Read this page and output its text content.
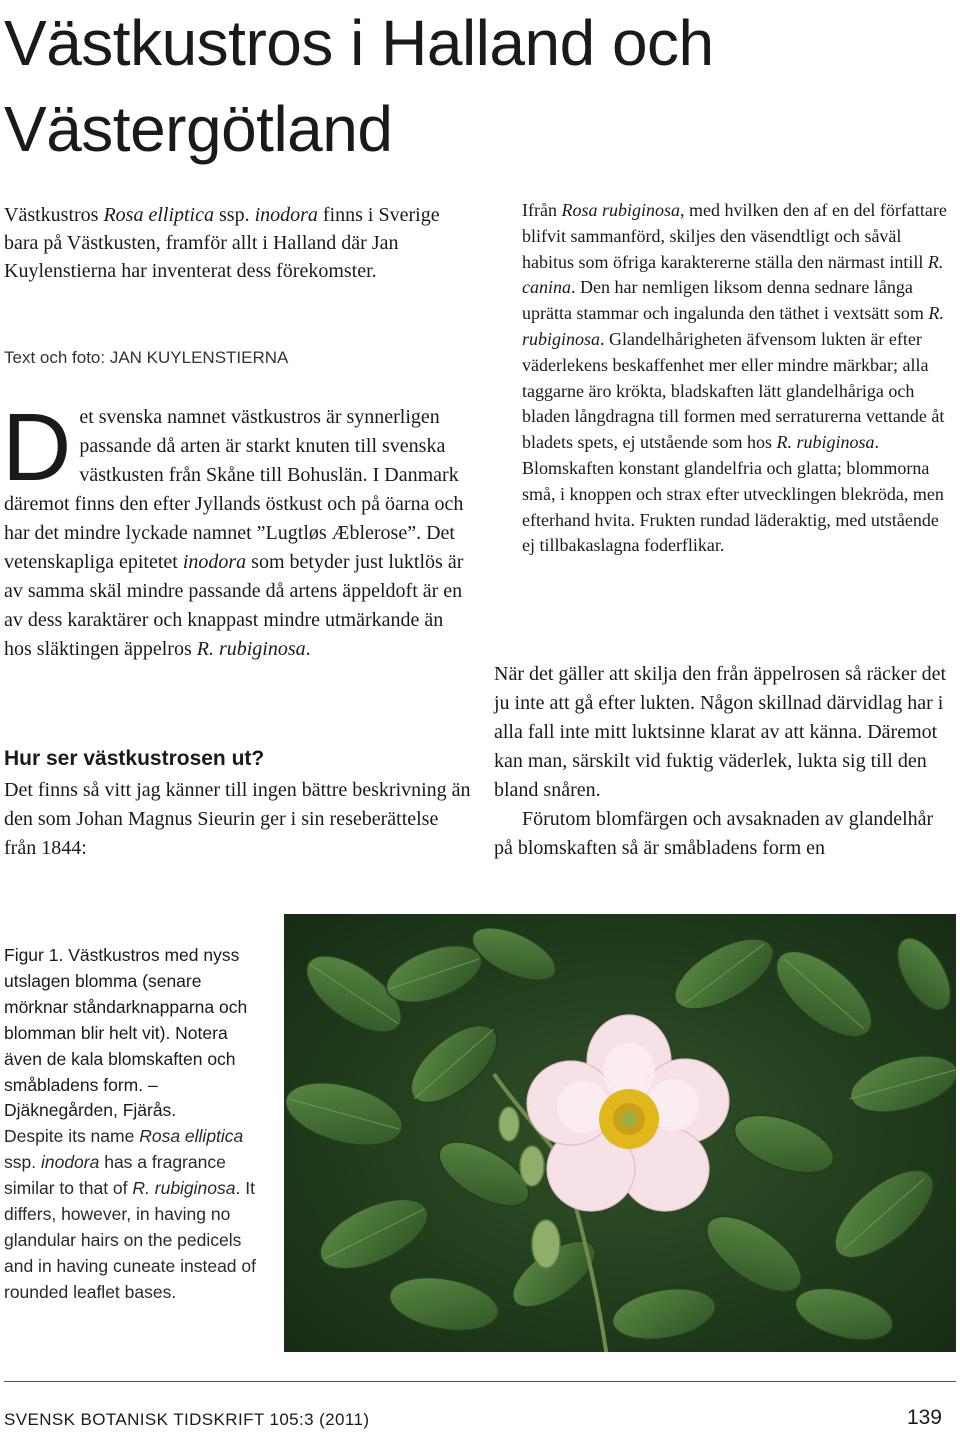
Västkustros i Halland och Västergötland

Västkustros Rosa elliptica ssp. inodora finns i Sverige bara på Västkusten, framför allt i Halland där Jan Kuylenstierna har inventerat dess förekomster.

Text och foto: JAN KUYLENSTIERNA

Det svenska namnet västkustros är synnerligen passande då arten är starkt knuten till svenska västkusten från Skåne till Bohuslän. I Danmark däremot finns den efter Jyllands östkust och på öarna och har det mindre lyckade namnet ”Lugtløs Æblerose”. Det vetenskapliga epitetet inodora som betyder just luktlös är av samma skäl mindre passande då artens äppeldoft är en av dess karaktärer och knappast mindre utmärkande än hos släktingen äppelros R. rubiginosa.

Hur ser västkustrosen ut?

Det finns så vitt jag känner till ingen bättre beskrivning än den som Johan Magnus Sieurin ger i sin reseberättelse från 1844:

Ifrån Rosa rubiginosa, med hvilken den af en del författare blifvit sammanförd, skiljes den väsendtligt och såväl habitus som öfriga karaktererne ställa den närmast intill R. canina. Den har nemligen liksom denna sednare långa uprätta stammar och ingalunda den täthet i vextsätt som R. rubiginosa. Glandelhårigheten äfvensom lukten är efter väderlekens beskaffenhet mer eller mindre märkbar; alla taggarne äro krökta, bladskaften lätt glandelhåriga och bladen långdragna till formen med serraturerna vettande åt bladets spets, ej utstående som hos R. rubiginosa. Blomskaften konstant glandelfria och glatta; blommorna små, i knoppen och strax efter utvecklingen blekröda, men efterhand hvita. Frukten rundad läderaktig, med utstående ej tillbakaslagna foderflikar.

När det gäller att skilja den från äppelrosen så räcker det ju inte att gå efter lukten. Någon skillnad därvidlag har i alla fall inte mitt luktsinne klarat av att känna. Däremot kan man, särskilt vid fuktig väderlek, lukta sig till den bland snåren.
Förutom blomfärgen och avsaknaden av glandelhår på blomskaften så är småbladens form en

Figur 1. Västkustros med nyss utslagen blomma (senare mörknar ståndarknapparna och blomman blir helt vit). Notera även de kala blomskaften och småbladens form. – Djäknegården, Fjärås.
Despite its name Rosa elliptica ssp. inodora has a fragrance similar to that of R. rubiginosa. It differs, however, in having no glandular hairs on the pedicels and in having cuneate instead of rounded leaflet bases.
SVENSK BOTANISK TIDSKRIFT 105:3 (2011)	139
